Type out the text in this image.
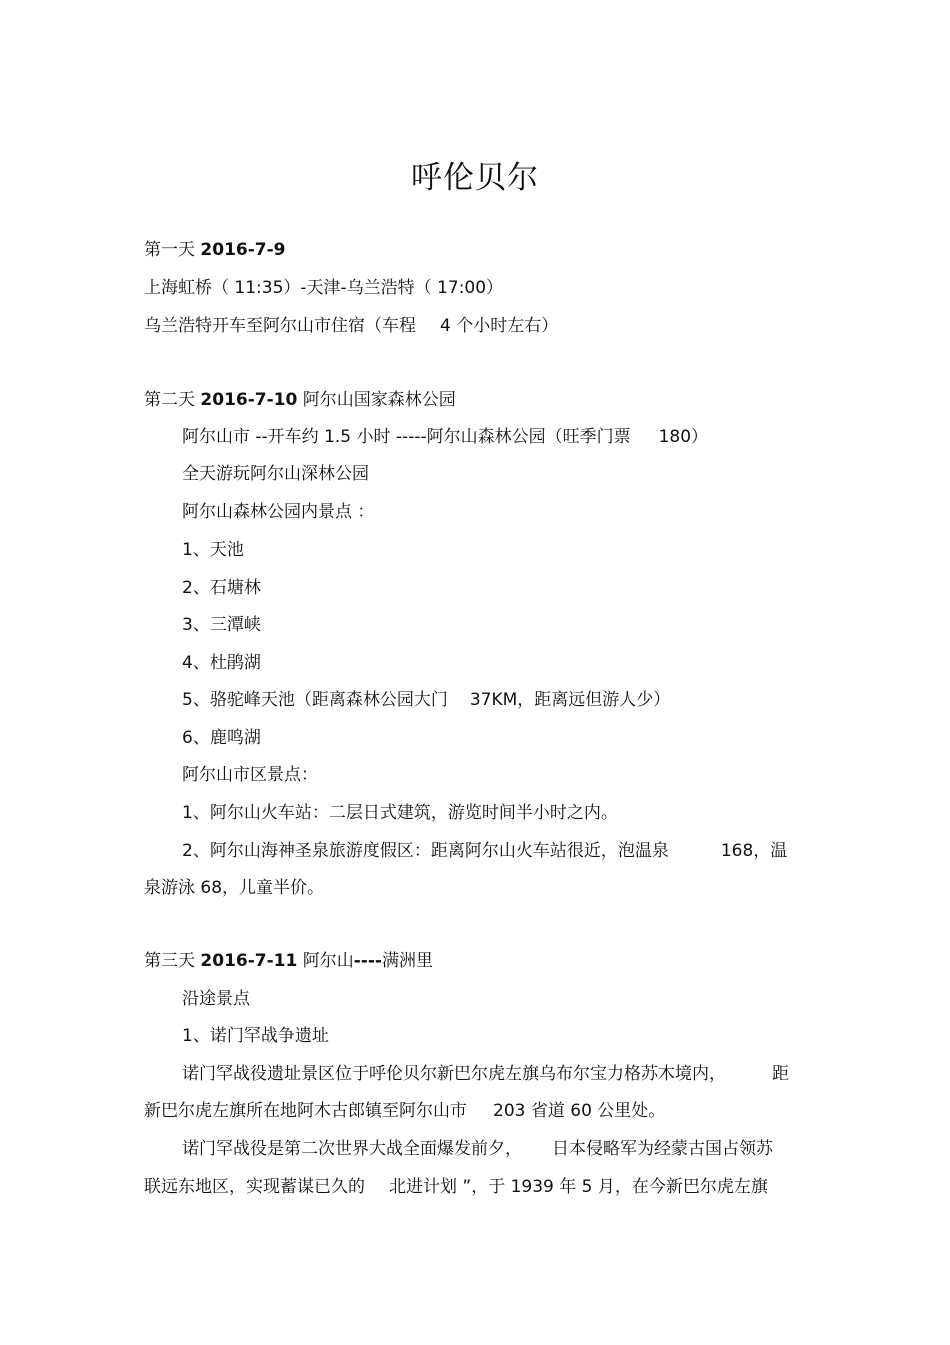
呼伦贝尔

第一天 2016-7-9

上海虹桥（ 11:35）-天津-乌兰浩特（ 17:00）

乌兰浩特开车至阿尔山市住宿（车程 4 个小时左右）

第二天 2016-7-10 阿尔山国家森林公园

阿尔山市 --开车约 1.5 小时 -----阿尔山森林公园（旺季门票 180）

全天游玩阿尔山深林公园

阿尔山森林公园内景点 ：

1、天池

2、石塘林

3、三潭峡

4、杜鹃湖

5、骆驼峰天池（距离森林公园大门 37KM，距离远但游人少）

6、鹿鸣湖

阿尔山市区景点：

1、阿尔山火车站：二层日式建筑，游览时间半小时之内。

2、阿尔山海神圣泉旅游度假区：距离阿尔山火车站很近，泡温泉	168，温

泉游泳 68，儿童半价。

第三天 2016-7-11 阿尔山----满洲里

沿途景点

1、诺门罕战争遗址

诺门罕战役遗址景区位于呼伦贝尔新巴尔虎左旗乌布尔宝力格苏木境内，	距

新巴尔虎左旗所在地阿木古郎镇至阿尔山市 203 省道 60 公里处。

诺门罕战役是第二次世界大战全面爆发前夕， 日本侵略军为经蒙古国占领苏

联远东地区，实现蓄谋已久的 北进计划 ”，于 1939 年 5 月，在今新巴尔虎左旗
